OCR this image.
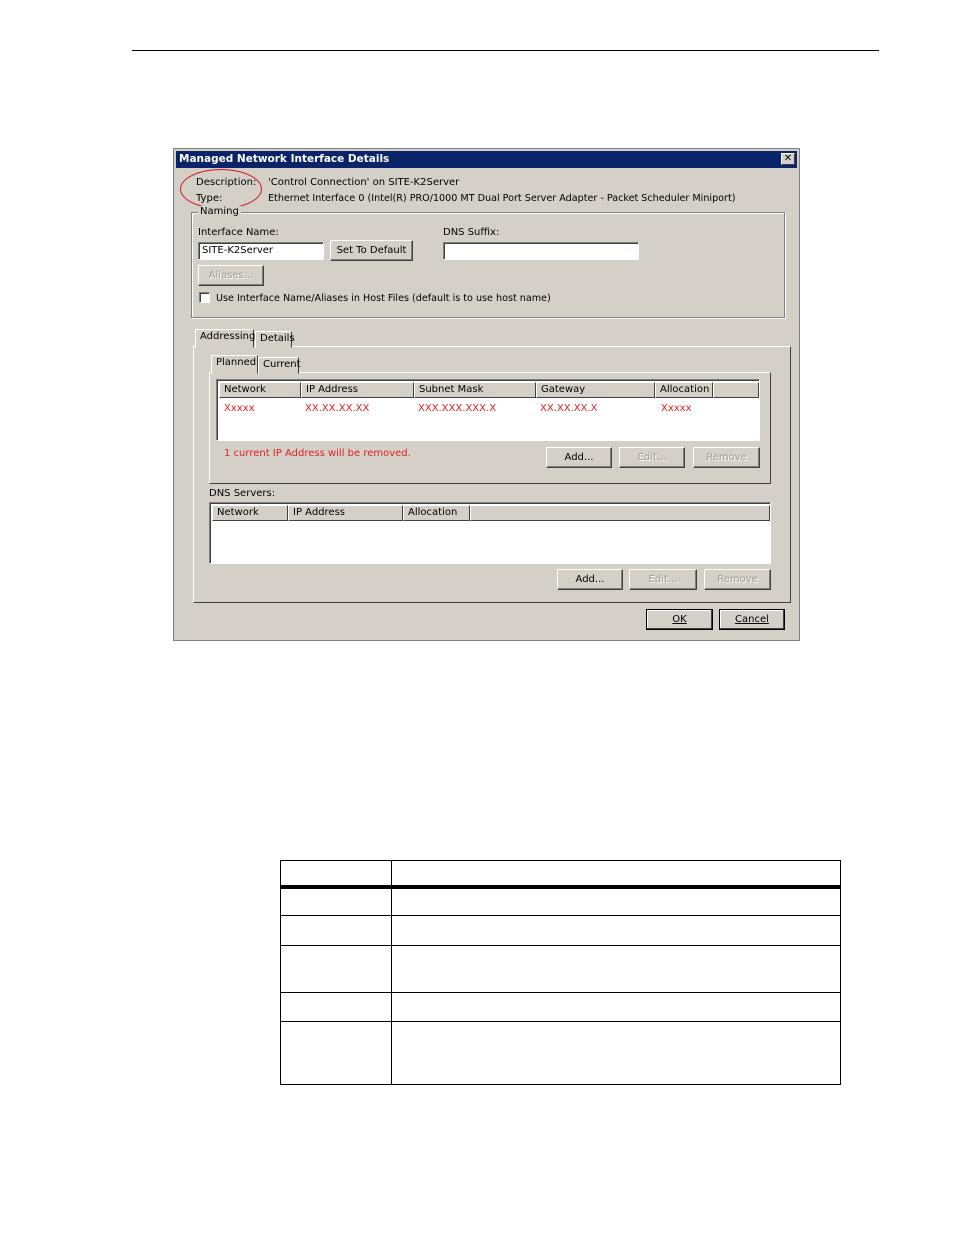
Managed Network Interface Details	✕
Description: 'Control Connection' on SITE-K2Server
Type:	Ethernet Interface 0 (Intel(R) PRO/1000 MT Dual Port Server Adapter - Packet Scheduler Miniport)
Naming
Interface Name:
SITE-K2Server	Set To Default
DNS Suffix:
Aliases...
Use Interface Name/Aliases in Host Files (default is to use host name)
Addressing Details
Planned Current
Network	IP Address	Subnet Mask	Gateway	Allocation
Xxxxx	XX.XX.XX.XX	XXX.XXX.XXX.X	XX.XX.XX.X	Xxxxx
1 current IP Address will be removed.	Add...	Edit...	Remove
DNS Servers:
Network	IP Address	Allocation
Add...	Edit...	Remove
OK	Cancel
